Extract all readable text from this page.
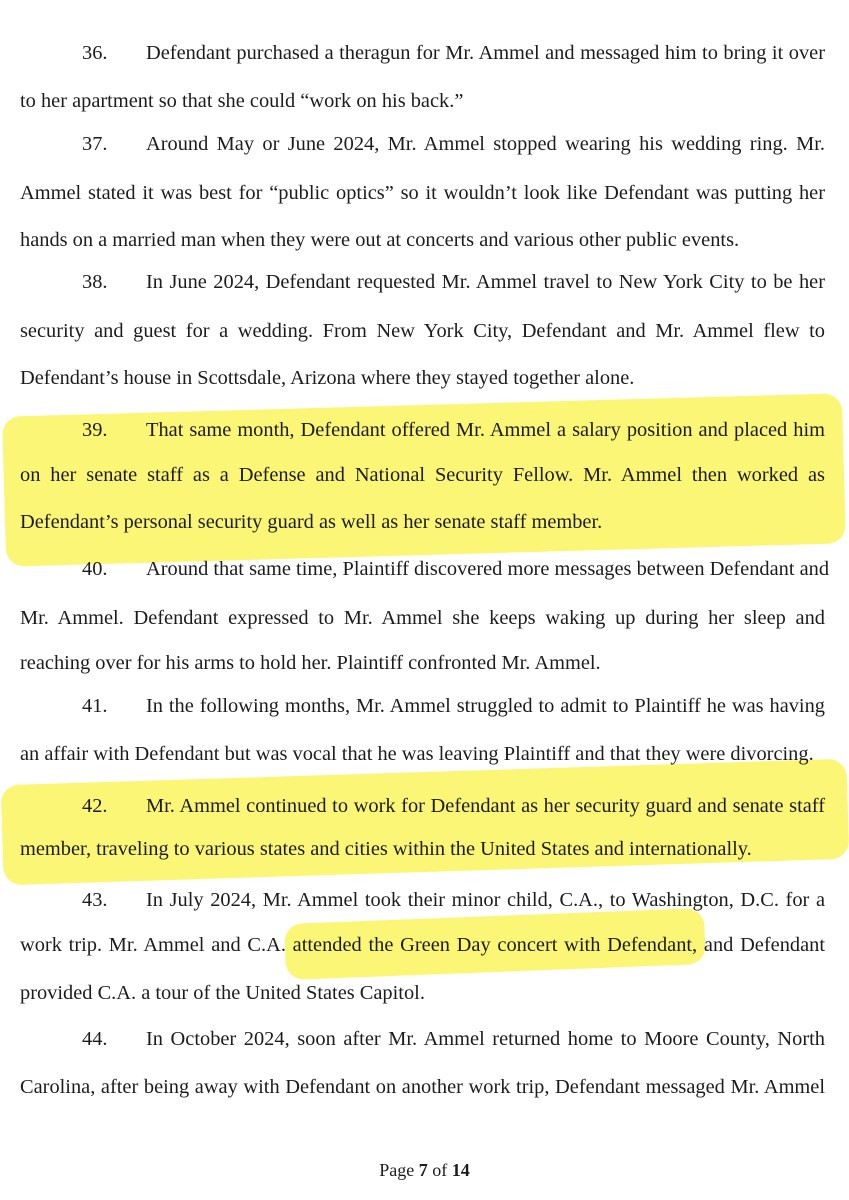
36. Defendant purchased a theragun for Mr. Ammel and messaged him to bring it over
to her apartment so that she could “work on his back.”
37. Around May or June 2024, Mr. Ammel stopped wearing his wedding ring. Mr.
Ammel stated it was best for “public optics” so it wouldn’t look like Defendant was putting her
hands on a married man when they were out at concerts and various other public events.
38. In June 2024, Defendant requested Mr. Ammel travel to New York City to be her
security and guest for a wedding. From New York City, Defendant and Mr. Ammel flew to
Defendant’s house in Scottsdale, Arizona where they stayed together alone.
39. That same month, Defendant offered Mr. Ammel a salary position and placed him
on her senate staff as a Defense and National Security Fellow. Mr. Ammel then worked as
Defendant’s personal security guard as well as her senate staff member.
40. Around that same time, Plaintiff discovered more messages between Defendant and
Mr. Ammel. Defendant expressed to Mr. Ammel she keeps waking up during her sleep and
reaching over for his arms to hold her. Plaintiff confronted Mr. Ammel.
41. In the following months, Mr. Ammel struggled to admit to Plaintiff he was having
an affair with Defendant but was vocal that he was leaving Plaintiff and that they were divorcing.
42. Mr. Ammel continued to work for Defendant as her security guard and senate staff
member, traveling to various states and cities within the United States and internationally.
43. In July 2024, Mr. Ammel took their minor child, C.A., to Washington, D.C. for a
work trip. Mr. Ammel and C.A. attended the Green Day concert with Defendant, and Defendant
provided C.A. a tour of the United States Capitol.
44. In October 2024, soon after Mr. Ammel returned home to Moore County, North
Carolina, after being away with Defendant on another work trip, Defendant messaged Mr. Ammel
Page 7 of 14
